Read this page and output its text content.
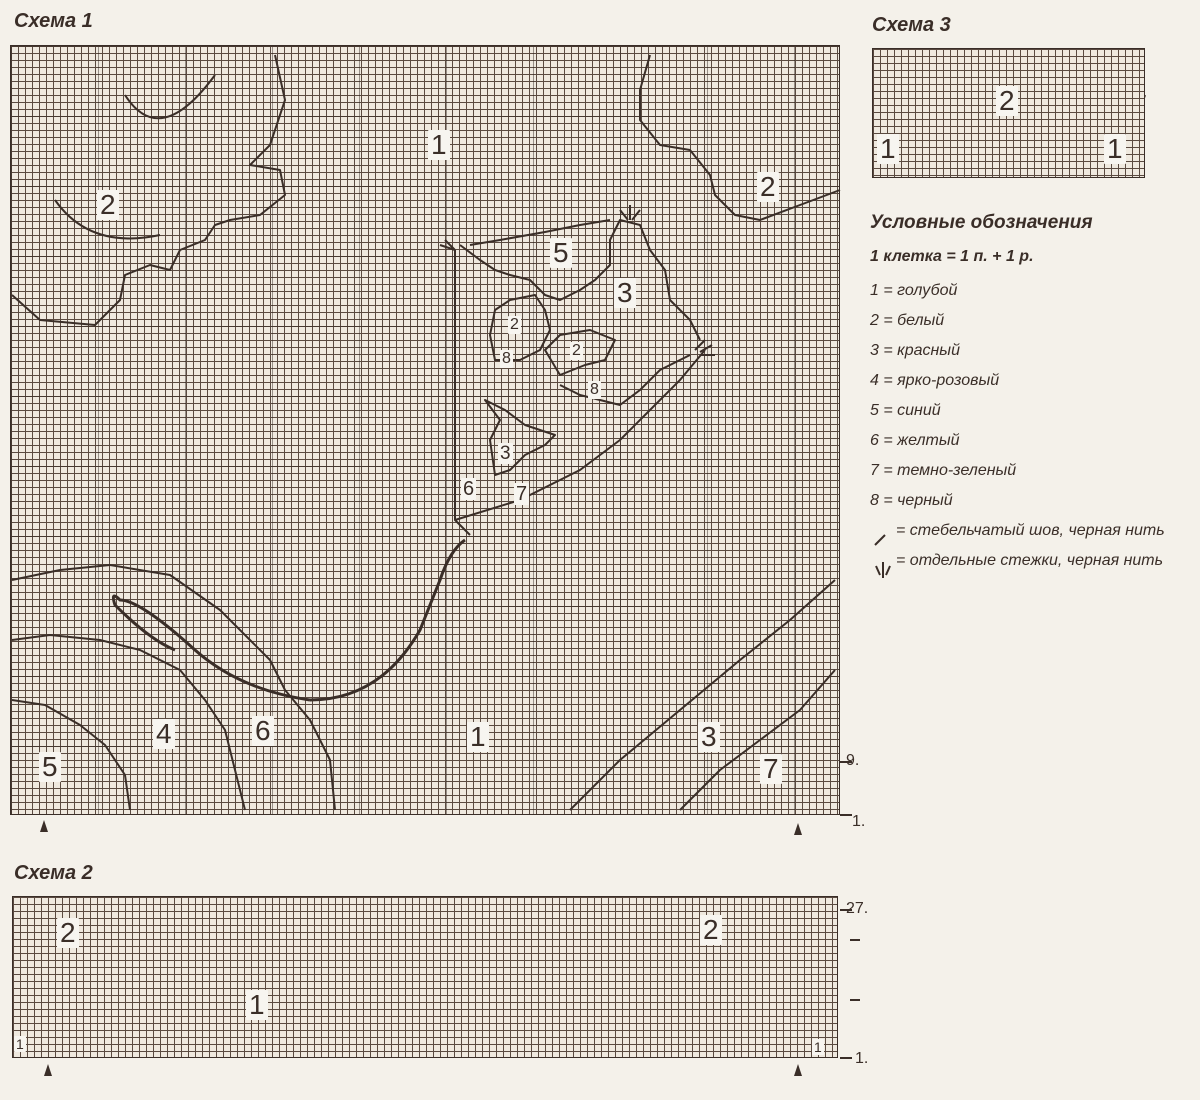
Схема 1
1
2
5
3
2
8	2
8
3
6 7
2
4	6	1	3
7
5	9.
1.
Схема 2
2
1
2
1	1
27.
1.
Схема 3
2
1	1
Условные обозначения
1 клетка = 1 п. + 1 р.
1 = голубой
2 = белый
3 = красный
4 = ярко-розовый
5 = синий
6 = желтый
7 = темно-зеленый
8 = черный
= стебельчатый шов, черная нить
= отдельные стежки, черная нить
